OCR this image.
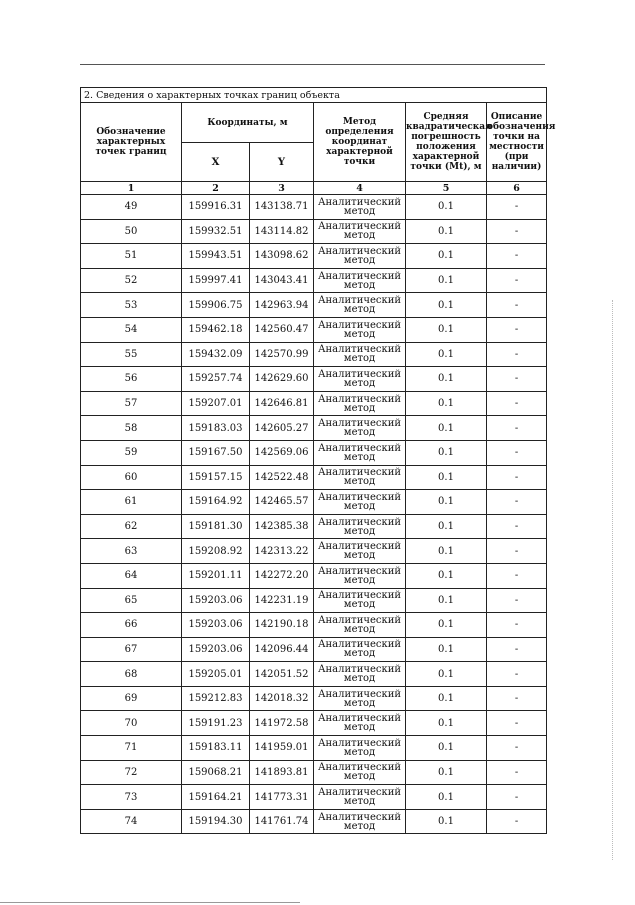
2. Сведения о характерных точках границ объекта					
Обозначение характерных точек границ	Координаты, м		Метод определения координат характерной точки	Средняя квадратическая погрешность положения характерной точки (Mt), м	Описание обозначения точки на местности (при наличии)
	X	Y			
1	2	3	4	5	6
49	159916.31	143138.71	Аналитический метод	0.1	-
50	159932.51	143114.82	Аналитический метод	0.1	-
51	159943.51	143098.62	Аналитический метод	0.1	-
52	159997.41	143043.41	Аналитический метод	0.1	-
53	159906.75	142963.94	Аналитический метод	0.1	-
54	159462.18	142560.47	Аналитический метод	0.1	-
55	159432.09	142570.99	Аналитический метод	0.1	-
56	159257.74	142629.60	Аналитический метод	0.1	-
57	159207.01	142646.81	Аналитический метод	0.1	-
58	159183.03	142605.27	Аналитический метод	0.1	-
59	159167.50	142569.06	Аналитический метод	0.1	-
60	159157.15	142522.48	Аналитический метод	0.1	-
61	159164.92	142465.57	Аналитический метод	0.1	-
62	159181.30	142385.38	Аналитический метод	0.1	-
63	159208.92	142313.22	Аналитический метод	0.1	-
64	159201.11	142272.20	Аналитический метод	0.1	-
65	159203.06	142231.19	Аналитический метод	0.1	-
66	159203.06	142190.18	Аналитический метод	0.1	-
67	159203.06	142096.44	Аналитический метод	0.1	-
68	159205.01	142051.52	Аналитический метод	0.1	-
69	159212.83	142018.32	Аналитический метод	0.1	-
70	159191.23	141972.58	Аналитический метод	0.1	-
71	159183.11	141959.01	Аналитический метод	0.1	-
72	159068.21	141893.81	Аналитический метод	0.1	-
73	159164.21	141773.31	Аналитический метод	0.1	-
74	159194.30	141761.74	Аналитический метод	0.1	-
